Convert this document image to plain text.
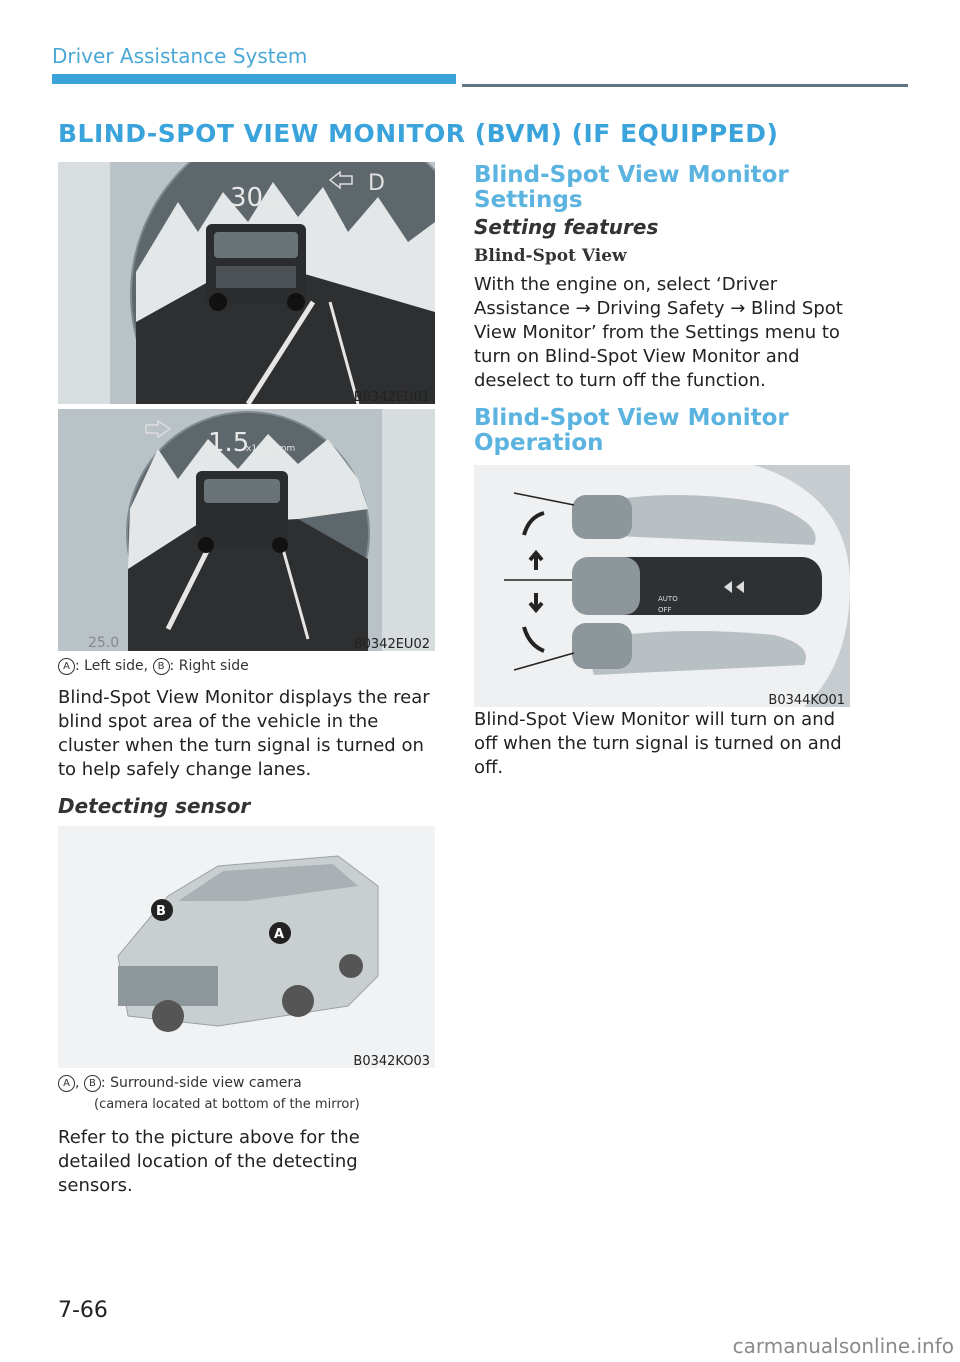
Driver Assistance System
BLIND-SPOT VIEW MONITOR (BVM) (IF EQUIPPED)
30 MPH
D
B0342EU01
1.5
x1000 rpm
25.0	B0342EU02
A : Left side, B : Right side
Blind-Spot View Monitor displays the rear blind spot area of the vehicle in the cluster when the turn signal is turned on to help safely change lanes.
Detecting sensor
B
A
B0342KO03
A , B : Surround-side view camera
(camera located at bottom of the mirror)
Refer to the picture above for the detailed location of the detecting sensors.
Blind-Spot View Monitor Settings
Setting features
Blind-Spot View
With the engine on, select ‘Driver Assistance → Driving Safety → Blind Spot View Monitor’ from the Settings menu to turn on Blind-Spot View Monitor and deselect to turn off the function.
Blind-Spot View Monitor Operation
AUTO
OFF
B0344KO01
Blind-Spot View Monitor will turn on and off when the turn signal is turned on and off.
7-66
carmanualsonline.info
